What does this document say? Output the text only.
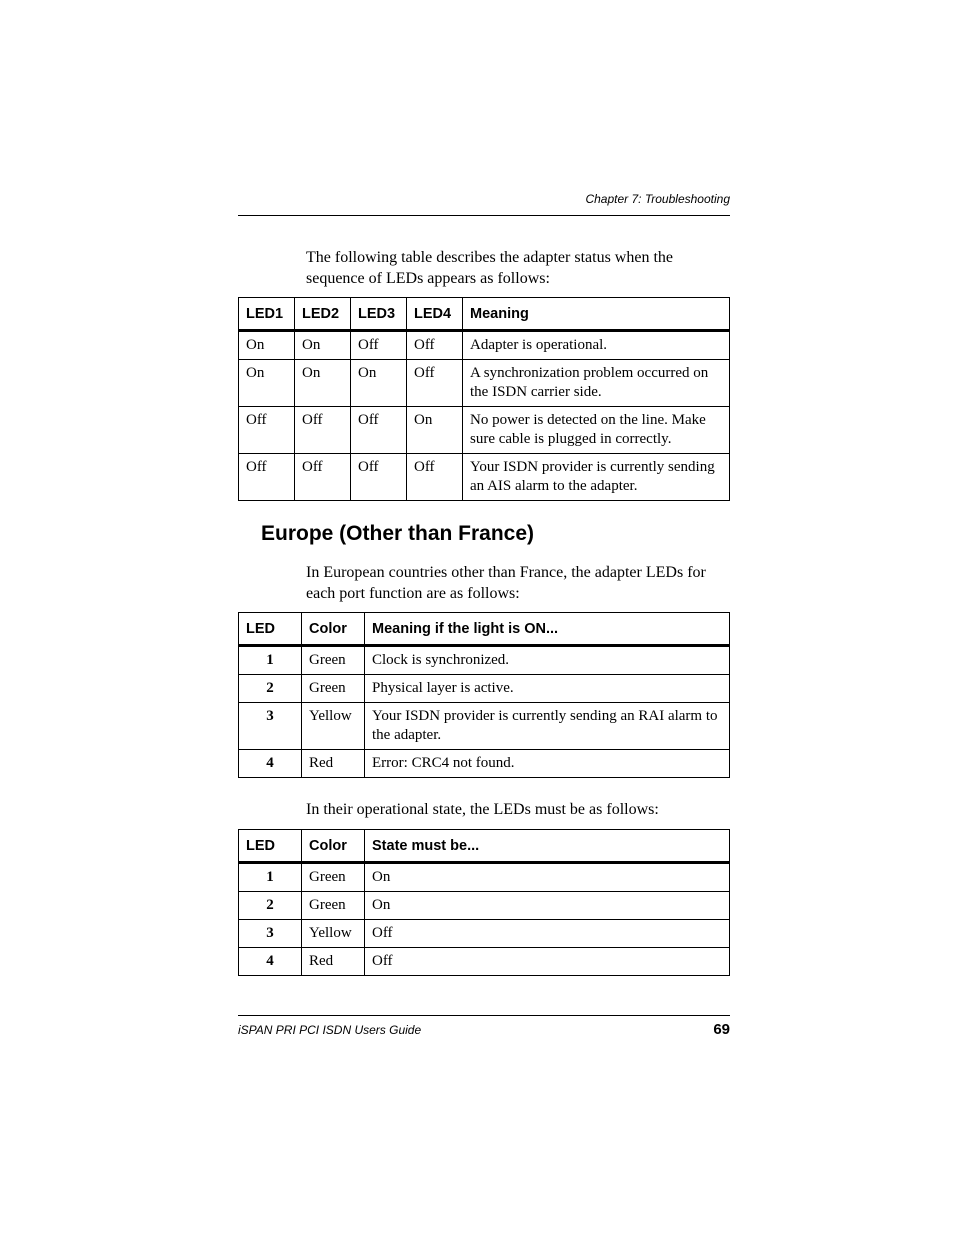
Chapter 7: Troubleshooting

The following table describes the adapter status when the sequence of LEDs appears as follows:

LED1	LED2	LED3	LED4	Meaning
On	On	Off	Off	Adapter is operational.
On	On	On	Off	A synchronization problem occurred on the ISDN carrier side.
Off	Off	Off	On	No power is detected on the line. Make sure cable is plugged in correctly.
Off	Off	Off	Off	Your ISDN provider is currently sending an AIS alarm to the adapter.
Europe (Other than France)

In European countries other than France, the adapter LEDs for each port function are as follows:

LED	Color	Meaning if the light is ON...
1	Green	Clock is synchronized.
2	Green	Physical layer is active.
3	Yellow	Your ISDN provider is currently sending an RAI alarm to the adapter.
4	Red	Error: CRC4 not found.

In their operational state, the LEDs must be as follows:

LED	Color	State must be...
1	Green	On
2	Green	On
3	Yellow	Off
4	Red	Off
iSPAN PRI PCI ISDN Users Guide	69
